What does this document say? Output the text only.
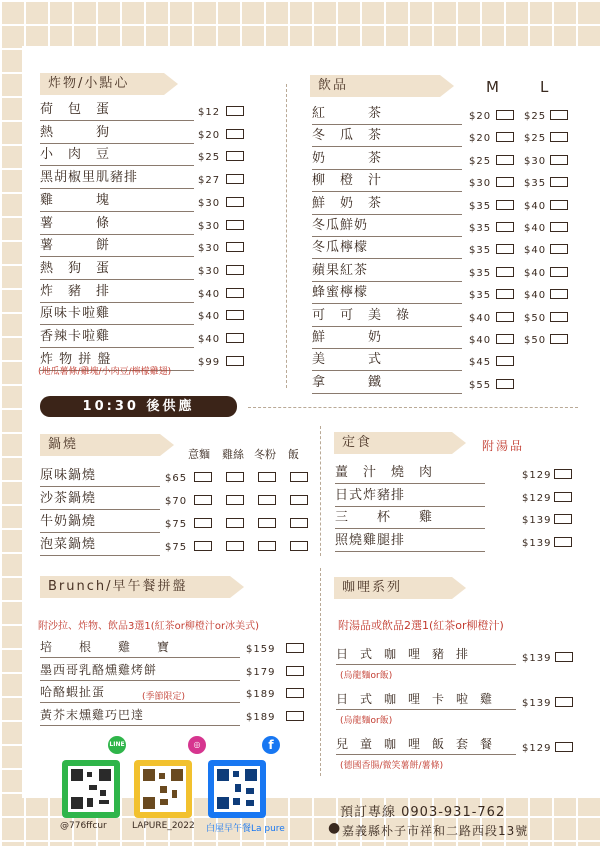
炸物/小點心
荷　包　蛋	$12
熱　　　狗	$20
小　肉　豆	$25
黑胡椒里肌豬排	$27
雞　　　塊	$30
薯　　　條	$30
薯　　　餅	$30
熱　狗　蛋	$30
炸　豬　排	$40
原味卡啦雞	$40
香辣卡啦雞	$40
炸 物 拼 盤	$99
(地瓜薯條/雞塊/小肉豆/檸檬雞翅)
飲品	M	L
紅　　　茶	$20	$25
冬　瓜　茶	$20	$25
奶　　　茶	$25	$30
柳　橙　汁	$30	$35
鮮　奶　茶	$35	$40
冬瓜鮮奶	$35	$40
冬瓜檸檬	$35	$40
蘋果紅茶	$35	$40
蜂蜜檸檬	$35	$40
可　可　美　祿	$40	$50
鮮　　　奶	$40	$50
美　　　式	$45
拿　　　鐵	$55
10:30 後供應
鍋燒
意麵 雞絲 冬粉 飯
原味鍋燒	$65
沙茶鍋燒	$70
牛奶鍋燒	$75
泡菜鍋燒	$75
定食	附湯品
薑　汁　燒　肉	$129
日式炸豬排	$129
三　　杯　　雞	$139
照燒雞腿排	$139
Brunch/早午餐拼盤
附沙拉、炸物、飲品3選1(紅茶or柳橙汁or冰美式)
培　　根　　雞　　寶	$159
墨西哥乳酪燻雞烤餅	$179
哈酪蝦扯蛋	(季節限定)	$189
黃芥末燻雞巧巴達	$189
咖哩系列
附湯品或飲品2選1(紅茶or柳橙汁)
日　式　咖　哩　豬　排	$139
(烏龍麵or飯)
日　式　咖　哩　卡　啦　雞	$139
(烏龍麵or飯)
兒　童　咖　哩　飯　套　餐	$129
(德國香腸/微笑薯餅/薯條)
LINE
@776ffcur
◎
LAPURE_2022
f
白屋早午餐La pure
預訂專線 0903-931-762
● 嘉義縣朴子市祥和二路西段13號
